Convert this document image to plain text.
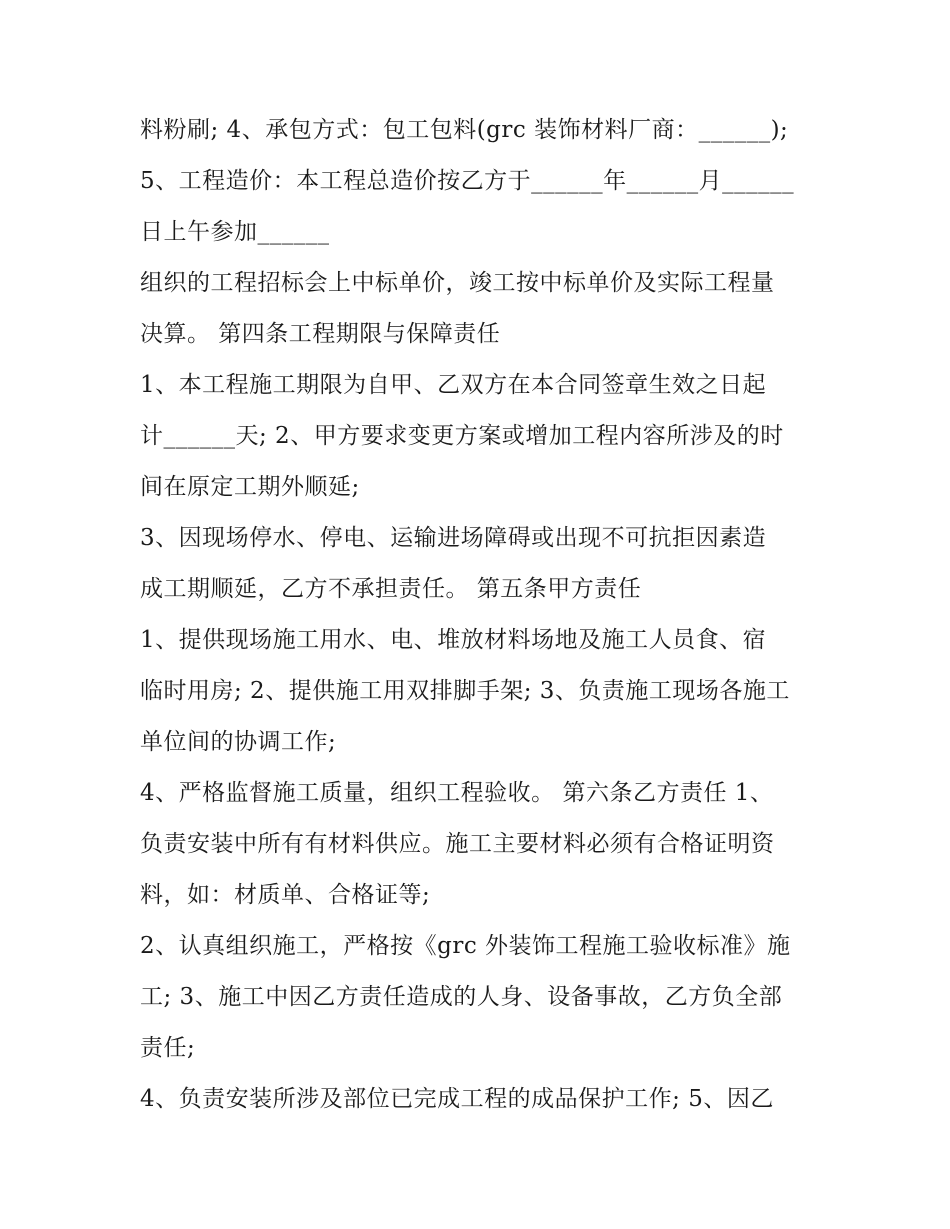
料粉刷; 4、承包方式：包工包料(grc 装饰材料厂商：______);
5、工程造价：本工程总造价按乙方于______年______月______
日上午参加______
组织的工程招标会上中标单价，竣工按中标单价及实际工程量
决算。 第四条工程期限与保障责任
1、本工程施工期限为自甲、乙双方在本合同签章生效之日起
计______天; 2、甲方要求变更方案或增加工程内容所涉及的时
间在原定工期外顺延;
3、因现场停水、停电、运输进场障碍或出现不可抗拒因素造
成工期顺延，乙方不承担责任。 第五条甲方责任
1、提供现场施工用水、电、堆放材料场地及施工人员食、宿
临时用房; 2、提供施工用双排脚手架; 3、负责施工现场各施工
单位间的协调工作;
4、严格监督施工质量，组织工程验收。 第六条乙方责任 1、
负责安装中所有有材料供应。施工主要材料必须有合格证明资
料，如：材质单、合格证等;
2、认真组织施工，严格按《grc 外装饰工程施工验收标准》施
工; 3、施工中因乙方责任造成的人身、设备事故，乙方负全部
责任;
4、负责安装所涉及部位已完成工程的成品保护工作; 5、因乙
